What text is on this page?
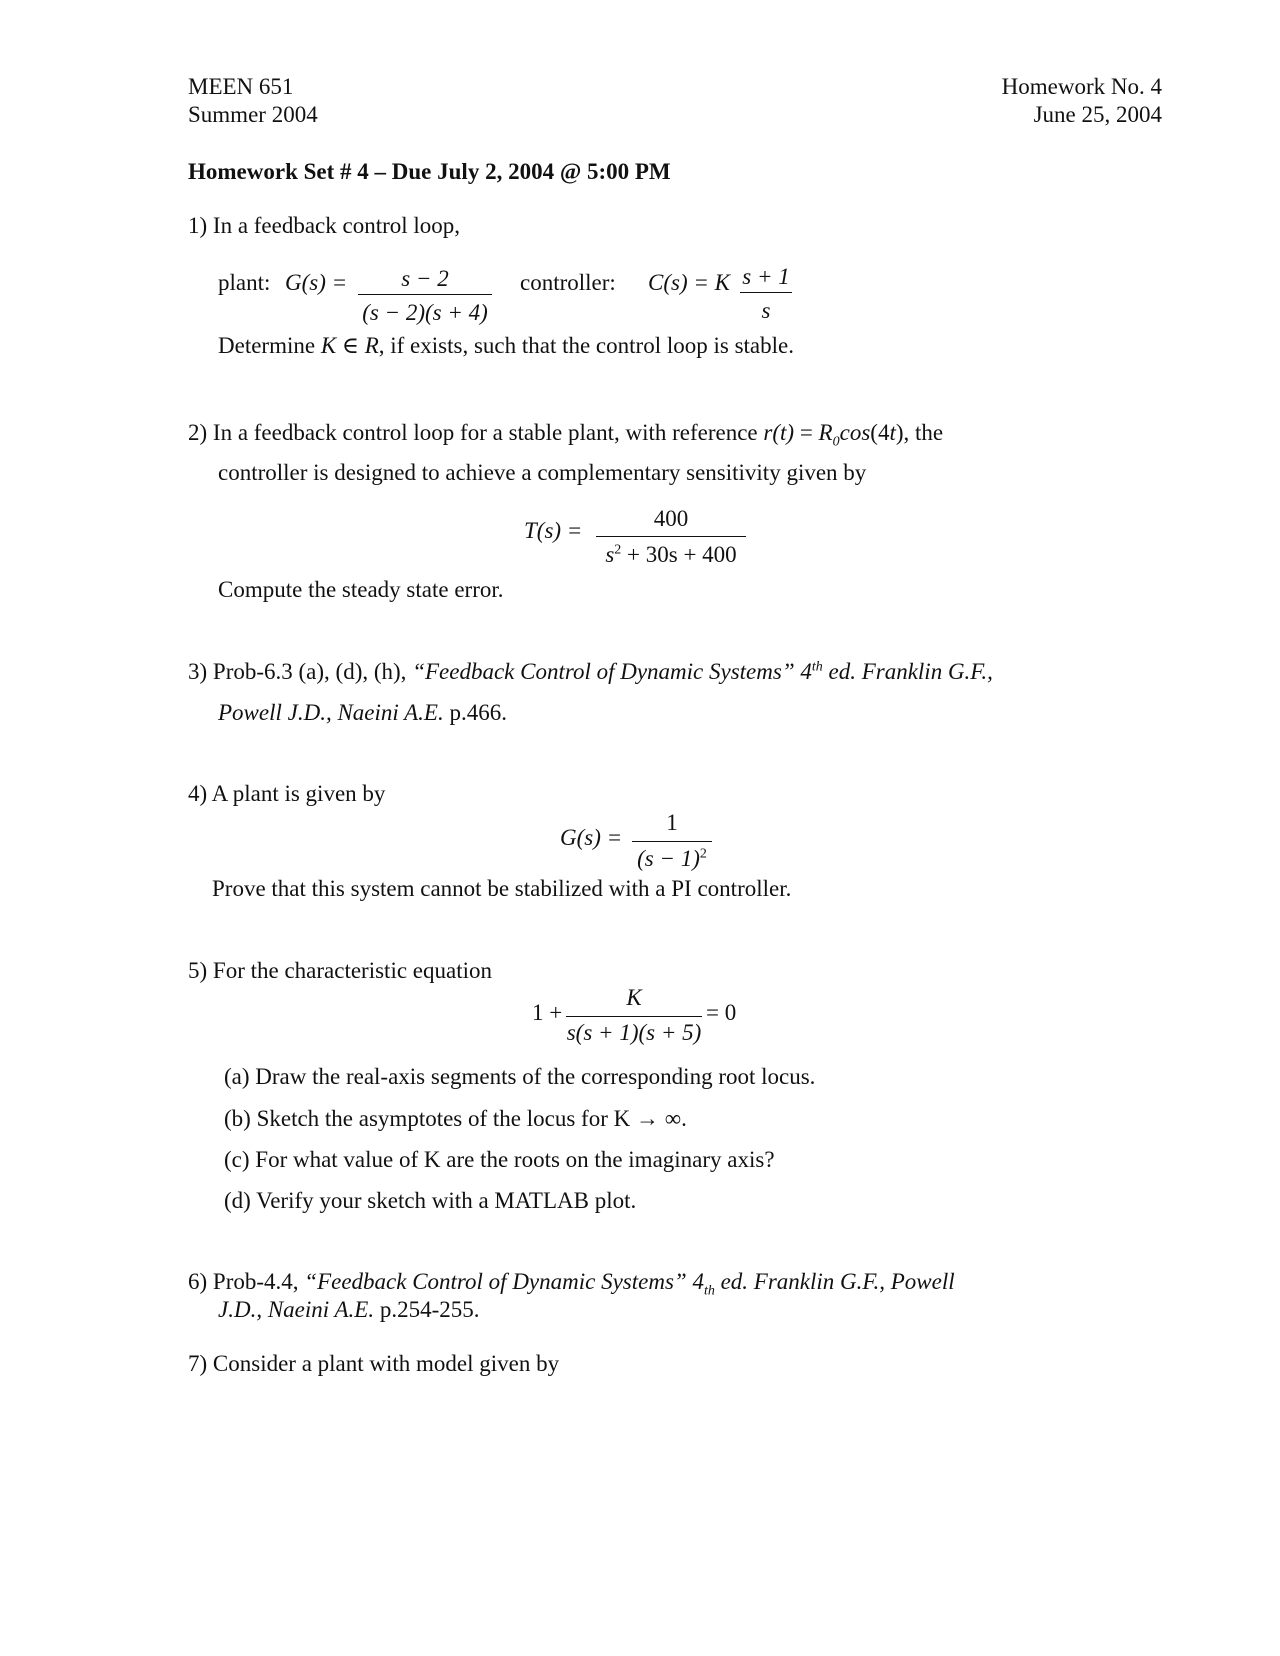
MEEN 651
Summer 2004
Homework No. 4
June 25, 2004
Homework Set # 4 – Due July 2, 2004 @ 5:00 PM
1) In a feedback control loop,
plant: G(s) =	s − 2
(s − 2)(s + 4)
controller: C(s) = K s + 1
s
Determine K ∈ R, if exists, such that the control loop is stable.
2) In a feedback control loop for a stable plant, with reference $r(t) = R_0\cos(4t)$, the
controller is designed to achieve a complementary sensitivity given by
T(s) =	400
$s^2 + 30s + 400$
Compute the steady state error.
3) Prob-6.3 (a), (d), (h), “Feedback Control of Dynamic Systems” 4th ed. Franklin G.F.,
Powell J.D., Naeini A.E. p.466.
4) A plant is given by
G(s) =
1
$(s - 1)^2$
Prove that this system cannot be stabilized with a PI controller.
5) For the characteristic equation
1 +
K
s(s + 1)(s + 5)
= 0
(a) Draw the real-axis segments of the corresponding root locus.
(b) Sketch the asymptotes of the locus for K → ∞.
(c) For what value of K are the roots on the imaginary axis?
(d) Verify your sketch with a MATLAB plot.
6) Prob-4.4, “Feedback Control of Dynamic Systems” $4_{th}$ ed. Franklin G.F., Powell
J.D., Naeini A.E. p.254-255.
7) Consider a plant with model given by
